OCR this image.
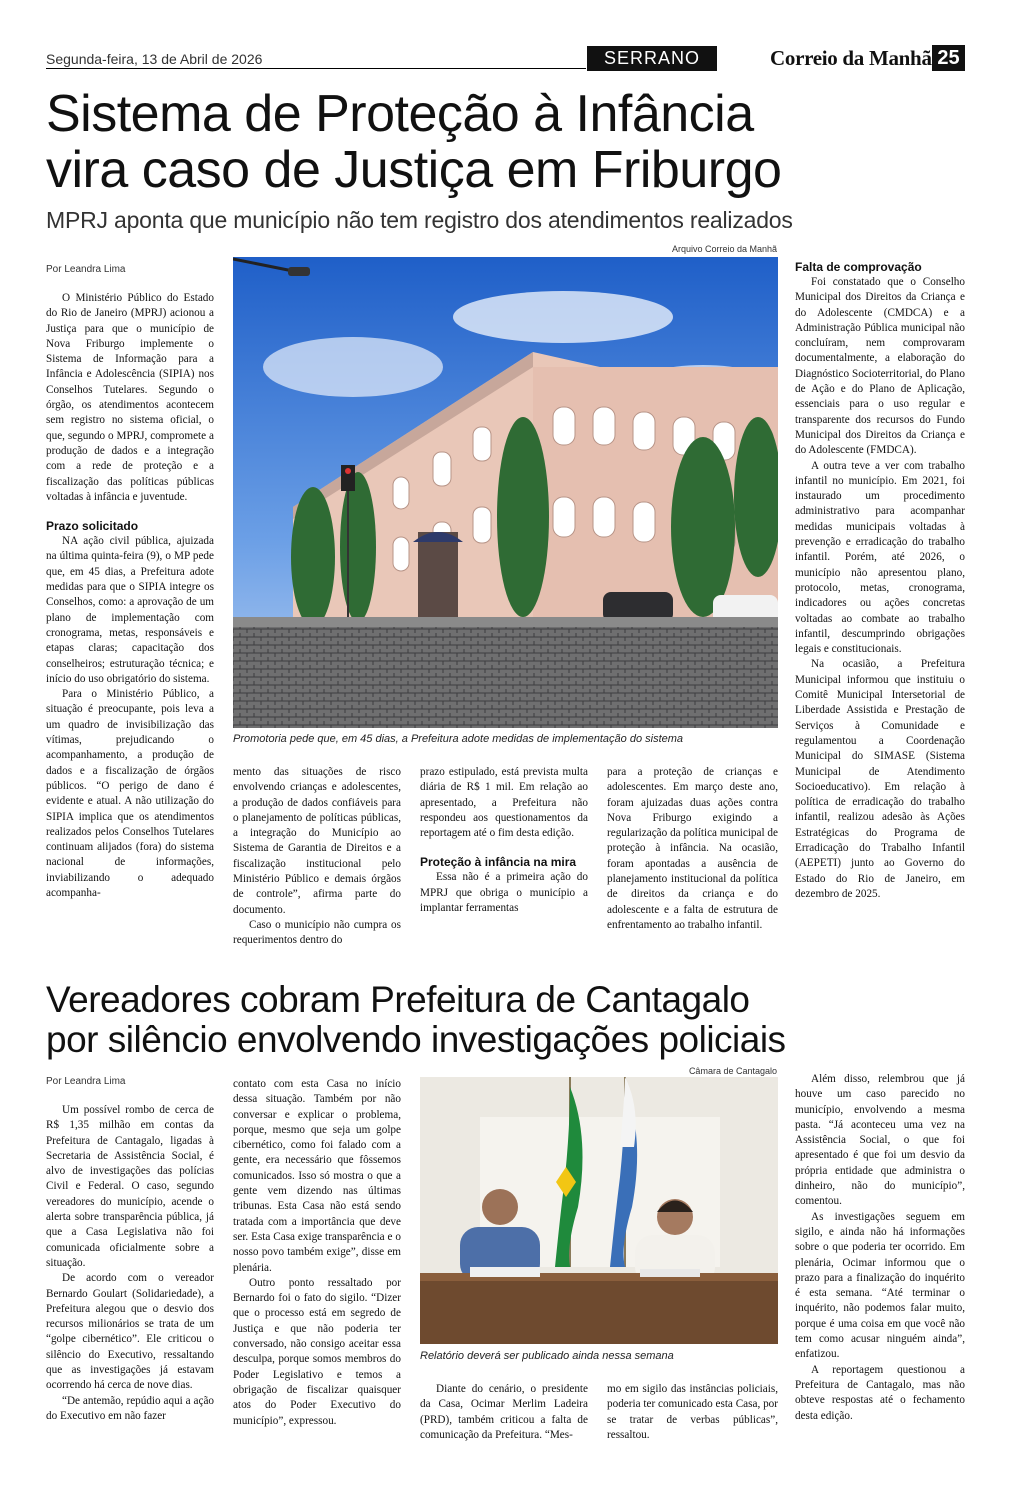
Segunda-feira, 13 de Abril de 2026	SERRANO	Correio da Manhã 25
Sistema de Proteção à Infância
vira caso de Justiça em Friburgo
MPRJ aponta que município não tem registro dos atendimentos realizados
Por Leandra Lima
Arquivo Correio da Manhã
Promotoria pede que, em 45 dias, a Prefeitura adote medidas de implementação do sistema

O Ministério Público do Estado do Rio de Janeiro (MPRJ) acionou a Justiça para que o município de Nova Friburgo implemente o Sistema de Informação para a Infância e Adolescência (SIPIA) nos Conselhos Tutelares. Segundo o órgão, os atendimentos acontecem sem registro no sistema oficial, o que, segundo o MPRJ, compromete a produção de dados e a integração com a rede de proteção e a fiscalização das políticas públicas voltadas à infância e juventude.

Prazo solicitado

NA ação civil pública, ajuizada na última quinta-feira (9), o MP pede que, em 45 dias, a Prefeitura adote medidas para que o SIPIA integre os Conselhos, como: a aprovação de um plano de implementação com cronograma, metas, responsáveis e etapas claras; capacitação dos conselheiros; estruturação técnica; e início do uso obrigatório do sistema.

Para o Ministério Público, a situação é preocupante, pois leva a um quadro de invisibilização das vítimas, prejudicando o acompanhamento, a produção de dados e a fiscalização de órgãos públicos. “O perigo de dano é evidente e atual. A não utilização do SIPIA implica que os atendimentos realizados pelos Conselhos Tutelares continuam alijados (fora) do sistema nacional de informações, inviabilizando o adequado acompanha-

mento das situações de risco envolvendo crianças e adolescentes, a produção de dados confiáveis para o planejamento de políticas públicas, a integração do Município ao Sistema de Garantia de Direitos e a fiscalização institucional pelo Ministério Público e demais órgãos de controle”, afirma parte do documento.

Caso o município não cumpra os requerimentos dentro do

prazo estipulado, está prevista multa diária de R$ 1 mil. Em relação ao apresentado, a Prefeitura não respondeu aos questionamentos da reportagem até o fim desta edição.

Proteção à infância na mira

Essa não é a primeira ação do MPRJ que obriga o município a implantar ferramentas

para a proteção de crianças e adolescentes. Em março deste ano, foram ajuizadas duas ações contra Nova Friburgo exigindo a regularização da política municipal de proteção à infância. Na ocasião, foram apontadas a ausência de planejamento institucional da política de direitos da criança e do adolescente e a falta de estrutura de enfrentamento ao trabalho infantil.

Falta de comprovação

Foi constatado que o Conselho Municipal dos Direitos da Criança e do Adolescente (CMDCA) e a Administração Pública municipal não concluíram, nem comprovaram documentalmente, a elaboração do Diagnóstico Socioterritorial, do Plano de Ação e do Plano de Aplicação, essenciais para o uso regular e transparente dos recursos do Fundo Municipal dos Direitos da Criança e do Adolescente (FMDCA).

A outra teve a ver com trabalho infantil no município. Em 2021, foi instaurado um procedimento administrativo para acompanhar medidas municipais voltadas à prevenção e erradicação do trabalho infantil. Porém, até 2026, o município não apresentou plano, protocolo, metas, cronograma, indicadores ou ações concretas voltadas ao combate ao trabalho infantil, descumprindo obrigações legais e constitucionais.

Na ocasião, a Prefeitura Municipal informou que instituiu o Comitê Municipal Intersetorial de Liberdade Assistida e Prestação de Serviços à Comunidade e regulamentou a Coordenação Municipal do SIMASE (Sistema Municipal de Atendimento Socioeducativo). Em relação à política de erradicação do trabalho infantil, realizou adesão às Ações Estratégicas do Programa de Erradicação do Trabalho Infantil (AEPETI) junto ao Governo do Estado do Rio de Janeiro, em dezembro de 2025.

Vereadores cobram Prefeitura de Cantagalo
por silêncio envolvendo investigações policiais
Por Leandra Lima
Câmara de Cantagalo
Relatório deverá ser publicado ainda nessa semana

Um possível rombo de cerca de R$ 1,35 milhão em contas da Prefeitura de Cantagalo, ligadas à Secretaria de Assistência Social, é alvo de investigações das polícias Civil e Federal. O caso, segundo vereadores do município, acende o alerta sobre transparência pública, já que a Casa Legislativa não foi comunicada oficialmente sobre a situação.

De acordo com o vereador Bernardo Goulart (Solidariedade), a Prefeitura alegou que o desvio dos recursos milionários se trata de um “golpe cibernético”. Ele criticou o silêncio do Executivo, ressaltando que as investigações já estavam ocorrendo há cerca de nove dias.

“De antemão, repúdio aqui a ação do Executivo em não fazer

contato com esta Casa no início dessa situação. Também por não conversar e explicar o problema, porque, mesmo que seja um golpe cibernético, como foi falado com a gente, era necessário que fôssemos comunicados. Isso só mostra o que a gente vem dizendo nas últimas tribunas. Esta Casa não está sendo tratada com a importância que deve ser. Esta Casa exige transparência e o nosso povo também exige”, disse em plenária.

Outro ponto ressaltado por Bernardo foi o fato do sigilo. “Dizer que o processo está em segredo de Justiça e que não poderia ter conversado, não consigo aceitar essa desculpa, porque somos membros do Poder Legislativo e temos a obrigação de fiscalizar quaisquer atos do Poder Executivo do município”, expressou.

Diante do cenário, o presidente da Casa, Ocimar Merlim Ladeira (PRD), também criticou a falta de comunicação da Prefeitura. “Mes-

mo em sigilo das instâncias policiais, poderia ter comunicado esta Casa, por se tratar de verbas públicas”, ressaltou.

Além disso, relembrou que já houve um caso parecido no município, envolvendo a mesma pasta. “Já aconteceu uma vez na Assistência Social, o que foi apresentado é que foi um desvio da própria entidade que administra o dinheiro, não do município”, comentou.

As investigações seguem em sigilo, e ainda não há informações sobre o que poderia ter ocorrido. Em plenária, Ocimar informou que o prazo para a finalização do inquérito é esta semana. “Até terminar o inquérito, não podemos falar muito, porque é uma coisa em que você não tem como acusar ninguém ainda”, enfatizou.

A reportagem questionou a Prefeitura de Cantagalo, mas não obteve respostas até o fechamento desta edição.
